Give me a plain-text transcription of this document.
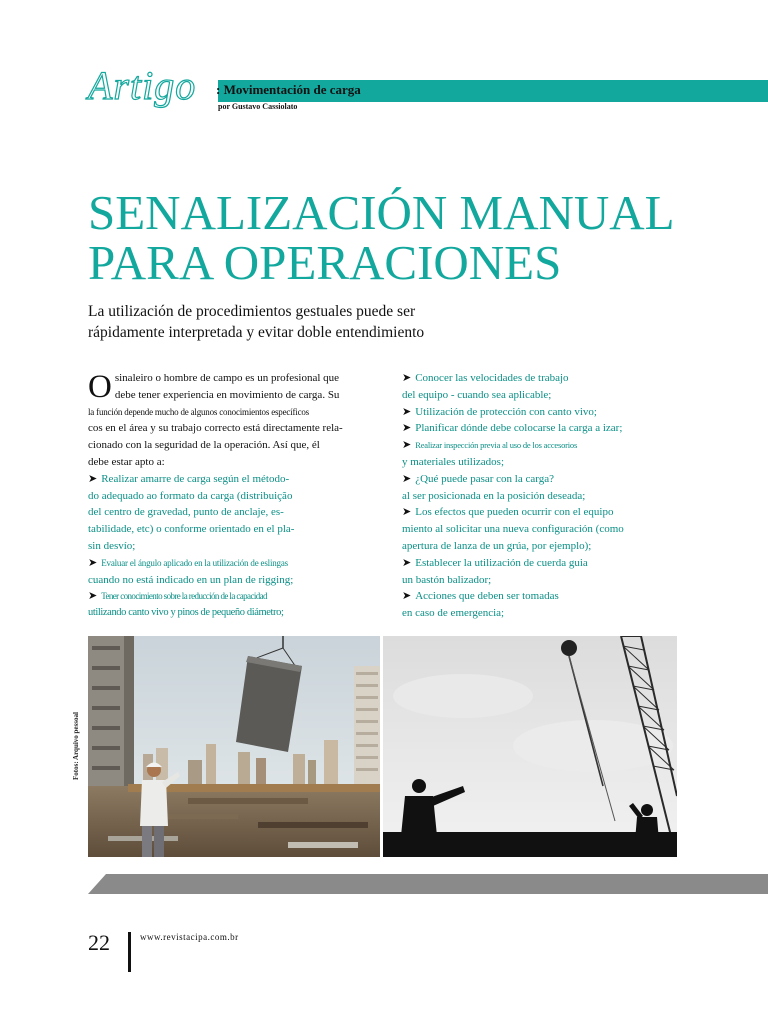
Artigo : Movimentación de carga
por Gustavo Cassiolato
SENALIZACIÓN MANUAL
PARA OPERACIONES
La utilización de procedimientos gestuales puede ser
rápidamente interpretada y evitar doble entendimiento
O sinaleiro o hombre de campo es un profesional que
debe tener experiencia en movimiento de carga. Su
la función depende mucho de algunos conocimientos específicos
cos en el área y su trabajo correcto está directamente rela-
cionado con la seguridad de la operación. Así que, él
debe estar apto a:
➤ Realizar amarre de carga según el método-
do adequado ao formato da carga (distribuição
del centro de gravedad, punto de anclaje, es-
tabilidade, etc) o conforme orientado en el pla-
sin desvío;
➤ Evaluar el ángulo aplicado en la utilización de eslingas
cuando no está indicado en un plan de rigging;
➤ Tener conocimiento sobre la reducción de la capacidad
utilizando canto vivo y pinos de pequeño diámetro;
➤ Conocer las velocidades de trabajo
del equipo - cuando sea aplicable;
➤ Utilización de protección con canto vivo;
➤ Planificar dónde debe colocarse la carga a izar;
➤ Realizar inspección previa al uso de los accesorios
y materiales utilizados;
➤ ¿Qué puede pasar con la carga?
al ser posicionada en la posición deseada;
➤ Los efectos que pueden ocurrir con el equipo
miento al solicitar una nueva configuración (como
apertura de lanza de un grúa, por ejemplo);
➤ Establecer la utilización de cuerda guia
un bastón balizador;
➤ Acciones que deben ser tomadas
en caso de emergencia;
Fotos: Arquivo pessoal
22	www.revistacipa.com.br
